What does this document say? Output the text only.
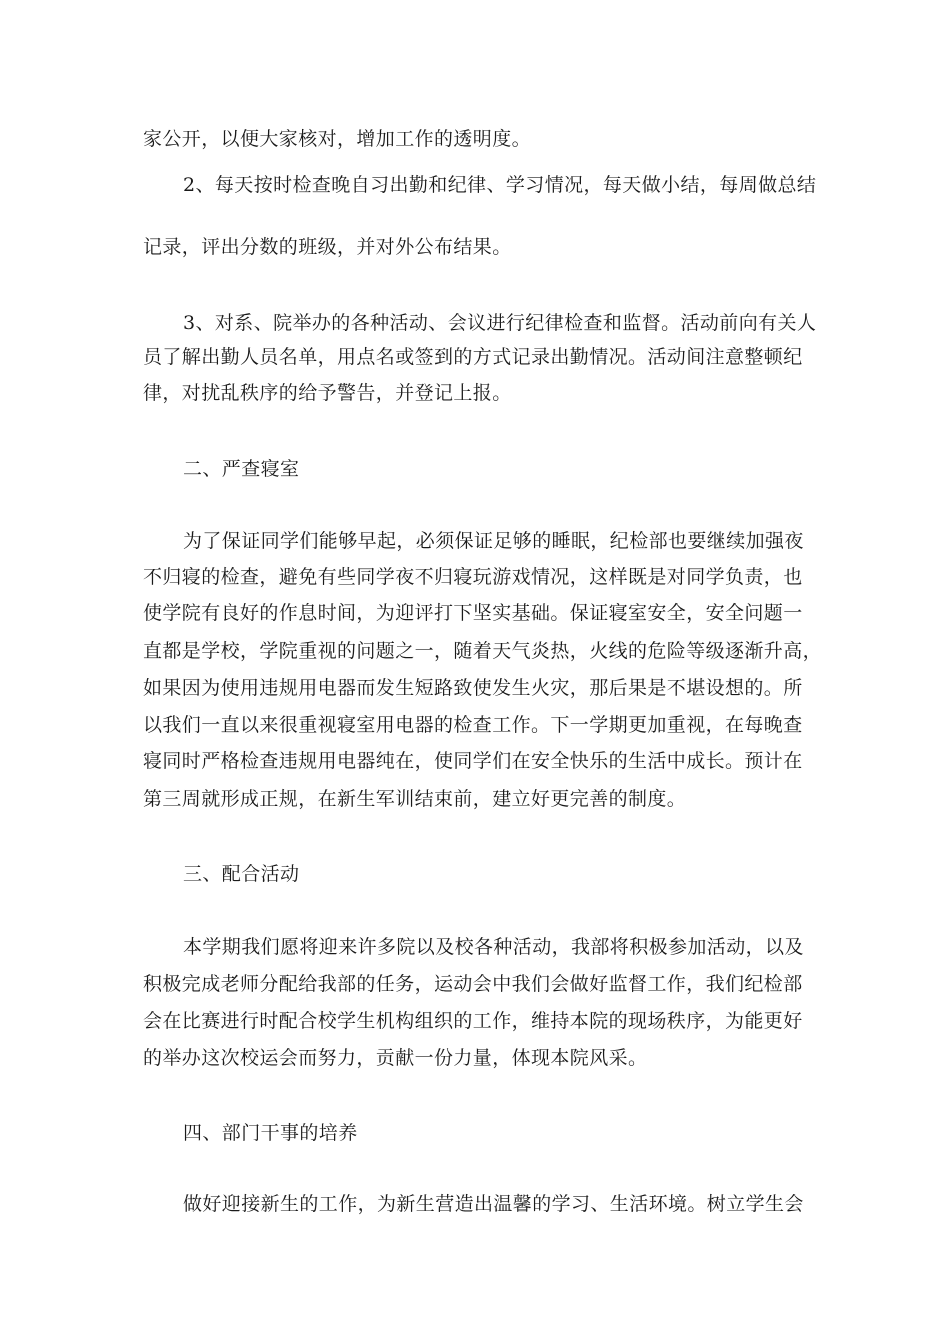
家公开，以便大家核对，增加工作的透明度。
2、每天按时检查晚自习出勤和纪律、学习情况，每天做小结，每周做总结
记录，评出分数的班级，并对外公布结果。
3、对系、院举办的各种活动、会议进行纪律检查和监督。活动前向有关人
员了解出勤人员名单，用点名或签到的方式记录出勤情况。活动间注意整顿纪
律，对扰乱秩序的给予警告，并登记上报。
二、严查寝室
为了保证同学们能够早起，必须保证足够的睡眠，纪检部也要继续加强夜
不归寝的检查，避免有些同学夜不归寝玩游戏情况，这样既是对同学负责，也
使学院有良好的作息时间，为迎评打下坚实基础。保证寝室安全，安全问题一
直都是学校，学院重视的问题之一，随着天气炎热，火线的危险等级逐渐升高，
如果因为使用违规用电器而发生短路致使发生火灾，那后果是不堪设想的。所
以我们一直以来很重视寝室用电器的检查工作。下一学期更加重视，在每晚查
寝同时严格检查违规用电器纯在，使同学们在安全快乐的生活中成长。预计在
第三周就形成正规，在新生军训结束前，建立好更完善的制度。
三、配合活动
本学期我们愿将迎来许多院以及校各种活动，我部将积极参加活动，以及
积极完成老师分配给我部的任务，运动会中我们会做好监督工作，我们纪检部
会在比赛进行时配合校学生机构组织的工作，维持本院的现场秩序，为能更好
的举办这次校运会而努力，贡献一份力量，体现本院风采。
四、部门干事的培养
做好迎接新生的工作，为新生营造出温馨的学习、生活环境。树立学生会
